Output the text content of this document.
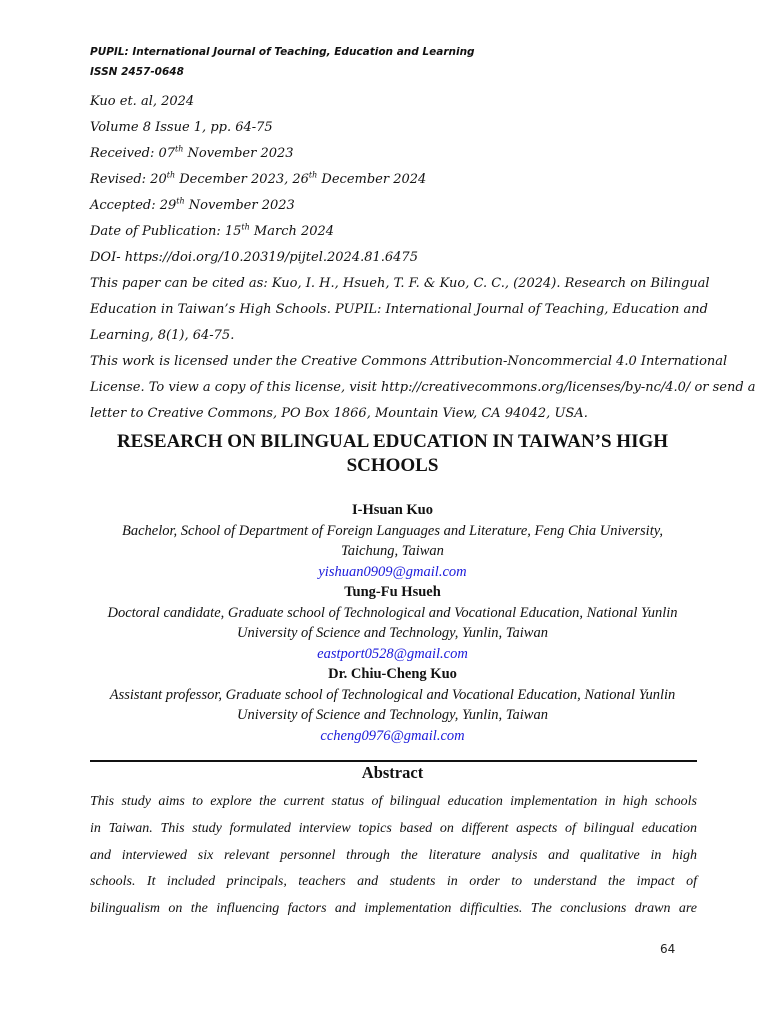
PUPIL: International Journal of Teaching, Education and Learning
ISSN 2457-0648
Kuo et. al, 2024
Volume 8 Issue 1, pp. 64-75
Received: 07th November 2023
Revised: 20th December 2023, 26th December 2024
Accepted: 29th November 2023
Date of Publication: 15th March 2024
DOI- https://doi.org/10.20319/pijtel.2024.81.6475
This paper can be cited as: Kuo, I. H., Hsueh, T. F. & Kuo, C. C., (2024). Research on Bilingual
Education in Taiwan’s High Schools. PUPIL: International Journal of Teaching, Education and
Learning, 8(1), 64-75.
This work is licensed under the Creative Commons Attribution-Noncommercial 4.0 International
License. To view a copy of this license, visit http://creativecommons.org/licenses/by-nc/4.0/ or send a
letter to Creative Commons, PO Box 1866, Mountain View, CA 94042, USA.
RESEARCH ON BILINGUAL EDUCATION IN TAIWAN’S HIGH
SCHOOLS
I-Hsuan Kuo
Bachelor, School of Department of Foreign Languages and Literature, Feng Chia University,
Taichung, Taiwan
yishuan0909@gmail.com
Tung-Fu Hsueh
Doctoral candidate, Graduate school of Technological and Vocational Education, National Yunlin
University of Science and Technology, Yunlin, Taiwan
eastport0528@gmail.com
Dr. Chiu-Cheng Kuo
Assistant professor, Graduate school of Technological and Vocational Education, National Yunlin
University of Science and Technology, Yunlin, Taiwan
ccheng0976@gmail.com
Abstract
This study aims to explore the current status of bilingual education implementation in high schools
in Taiwan. This study formulated interview topics based on different aspects of bilingual education
and interviewed six relevant personnel through the literature analysis and qualitative in high
schools. It included principals, teachers and students in order to understand the impact of
bilingualism on the influencing factors and implementation difficulties. The conclusions drawn are
64
